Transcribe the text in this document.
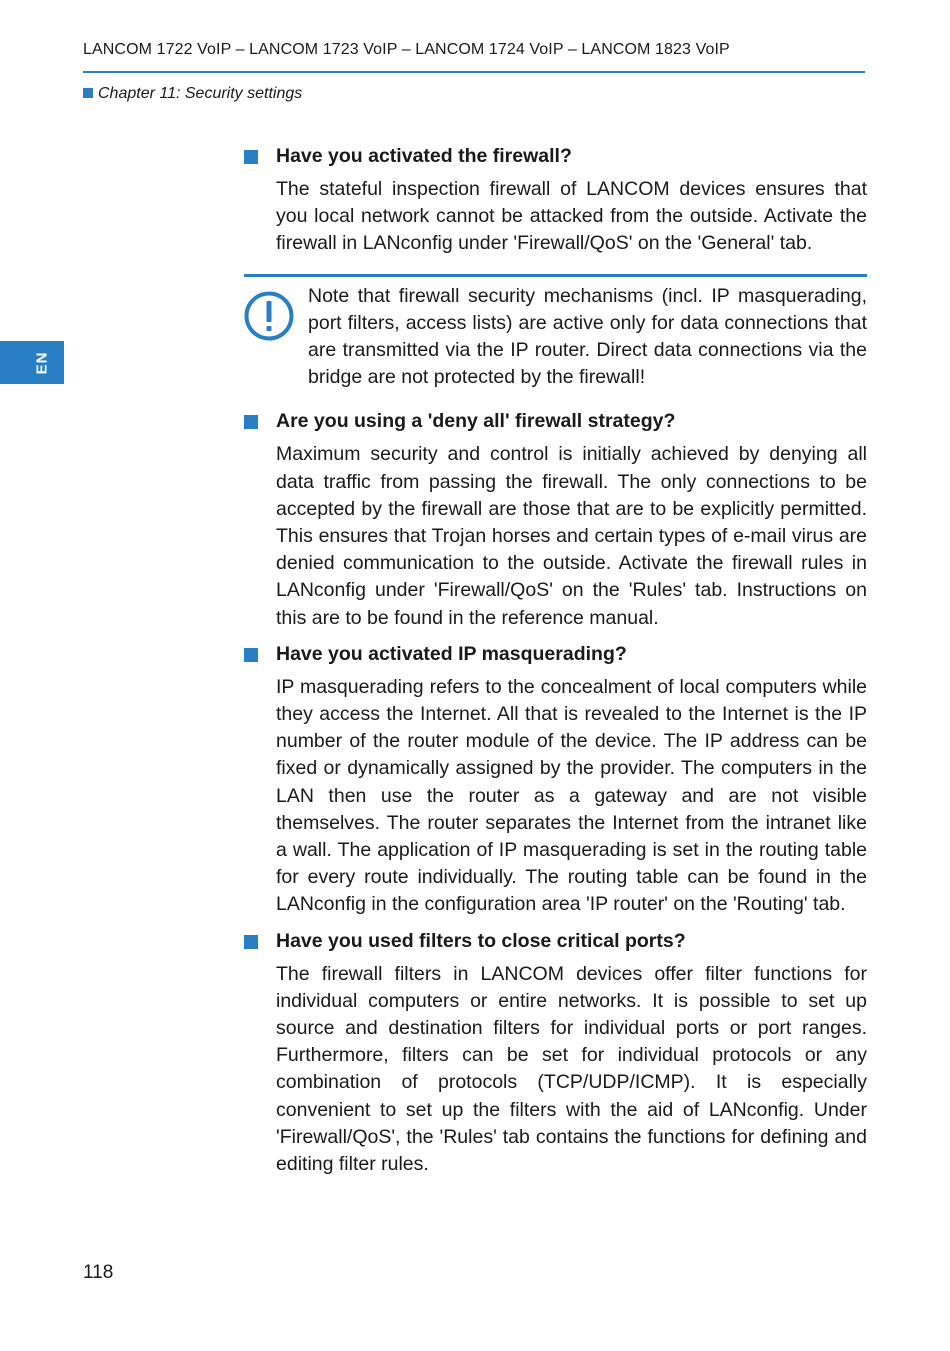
LANCOM 1722 VoIP – LANCOM 1723 VoIP – LANCOM 1724 VoIP – LANCOM 1823 VoIP
Chapter 11: Security settings
EN
Have you activated the firewall?

The stateful inspection firewall of LANCOM devices ensures that you local network cannot be attacked from the outside. Activate the firewall in LANconfig under 'Firewall/QoS' on the 'General' tab.

Note that firewall security mechanisms (incl. IP masquerading, port filters, access lists) are active only for data connections that are transmitted via the IP router. Direct data connections via the bridge are not protected by the firewall!
Are you using a 'deny all' firewall strategy?

Maximum security and control is initially achieved by denying all data traffic from passing the firewall. The only connections to be accepted by the firewall are those that are to be explicitly permitted. This ensures that Trojan horses and certain types of e-mail virus are denied communication to the outside. Activate the firewall rules in LANconfig under 'Firewall/QoS' on the 'Rules' tab. Instructions on this are to be found in the reference manual.

Have you activated IP masquerading?

IP masquerading refers to the concealment of local computers while they access the Internet. All that is revealed to the Internet is the IP number of the router module of the device. The IP address can be fixed or dynamically assigned by the provider. The computers in the LAN then use the router as a gateway and are not visible themselves. The router separates the Internet from the intranet like a wall. The application of IP masquerading is set in the routing table for every route individually. The routing table can be found in the LANconfig in the configuration area 'IP router' on the 'Routing' tab.

Have you used filters to close critical ports?

The firewall filters in LANCOM devices offer filter functions for individual computers or entire networks. It is possible to set up source and destination filters for individual ports or port ranges. Furthermore, filters can be set for individual protocols or any combination of protocols (TCP/UDP/ICMP). It is especially convenient to set up the filters with the aid of LANconfig. Under 'Firewall/QoS', the 'Rules' tab contains the functions for defining and editing filter rules.

118
